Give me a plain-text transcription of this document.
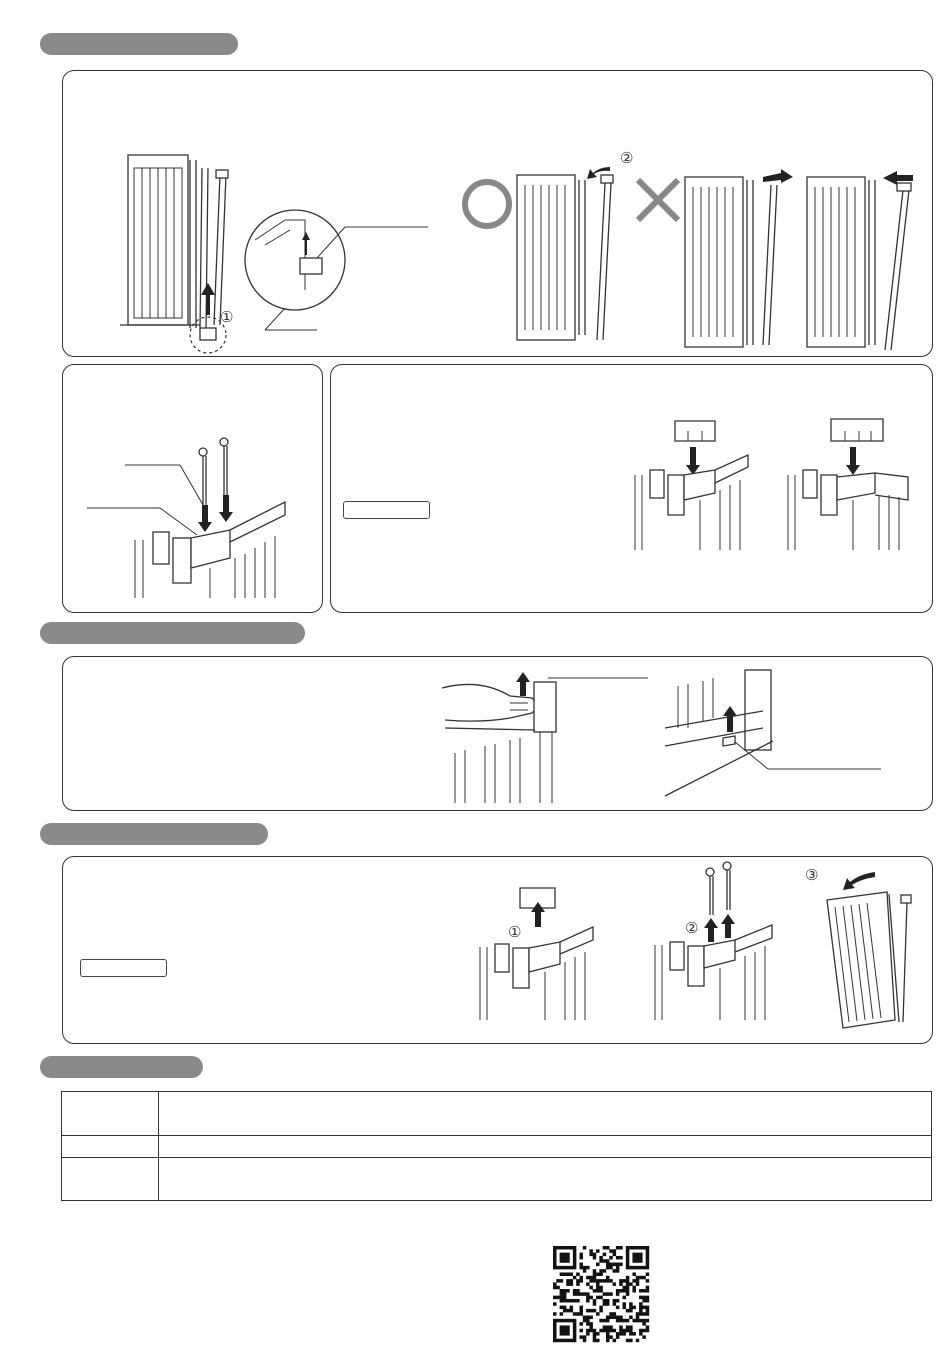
①
②
①	②
③
